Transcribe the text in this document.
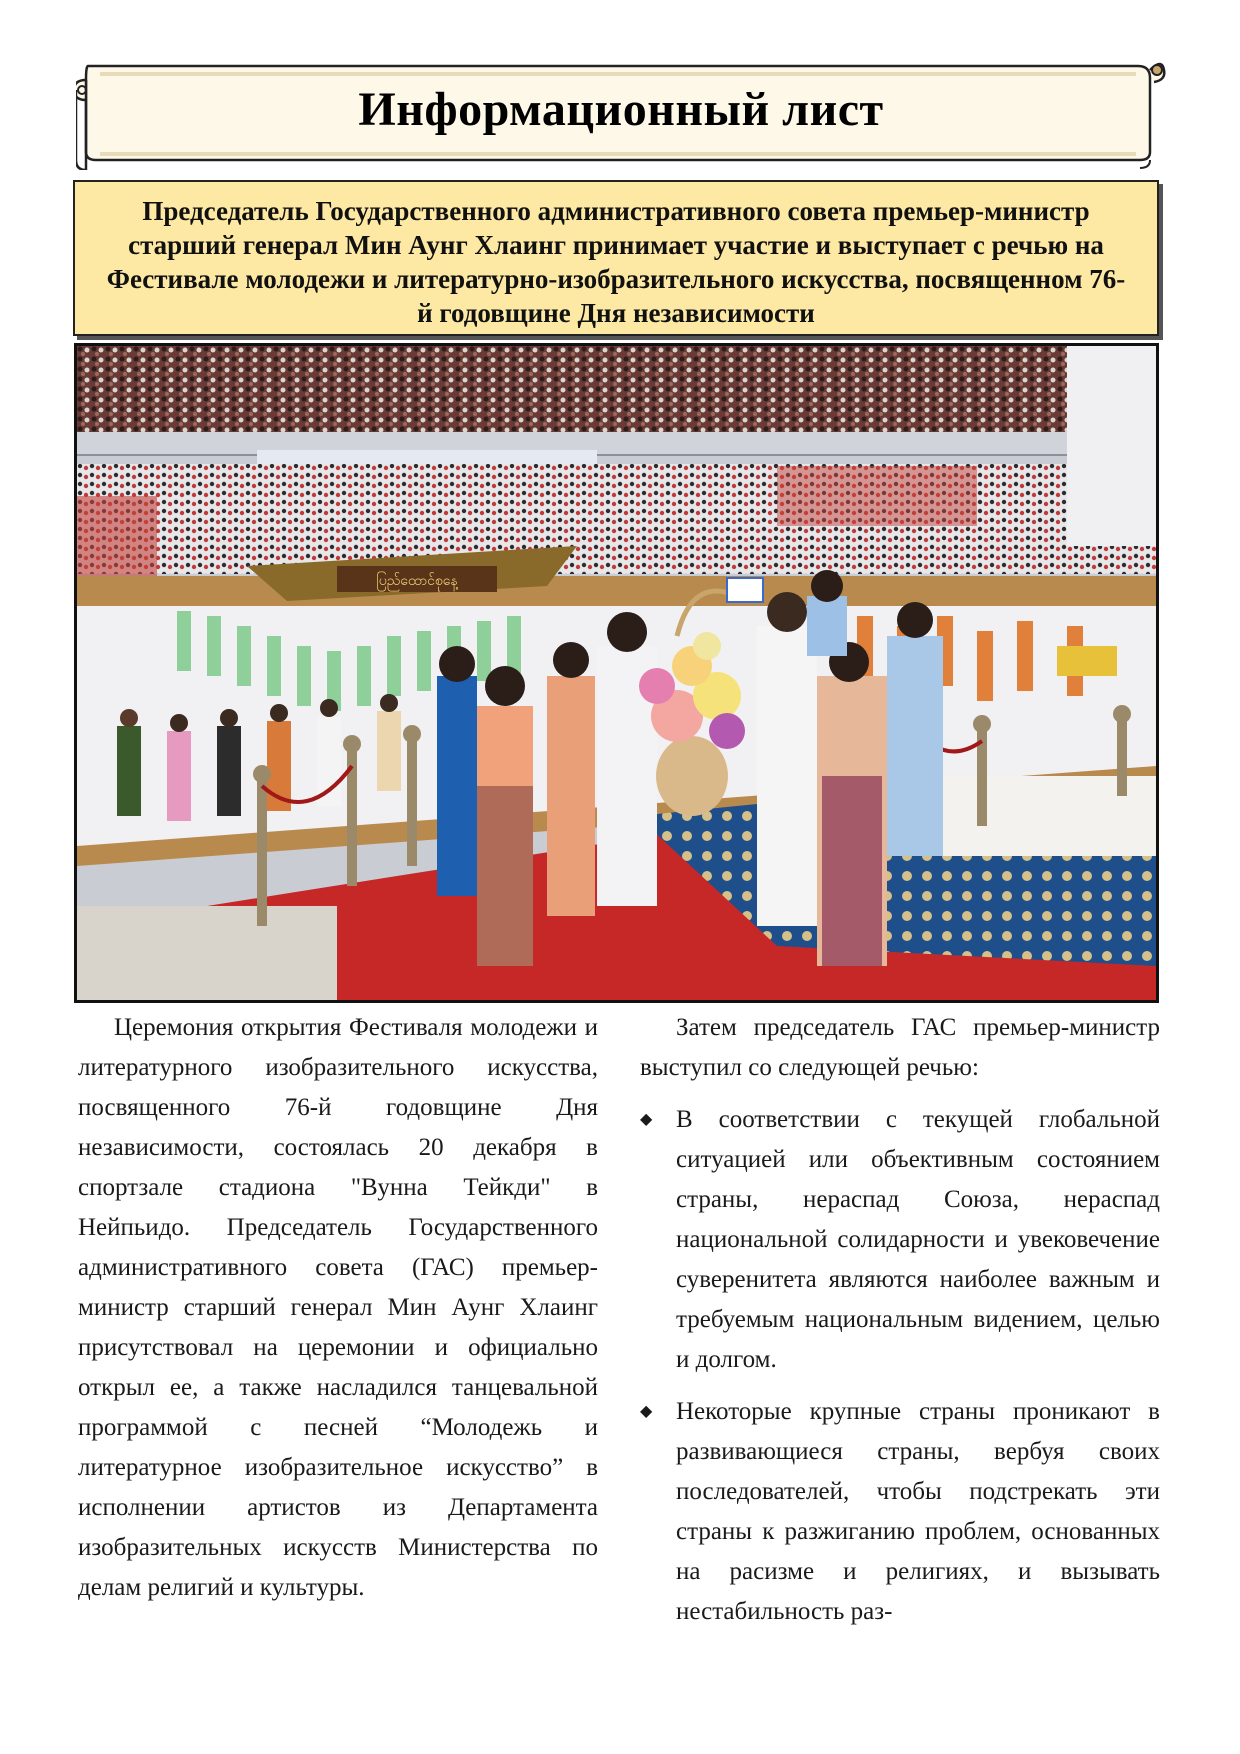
Информационный лист
Председатель Государственного административного совета премьер-министр старший генерал Мин Аунг Хлаинг принимает участие и выступает с речью на Фестивале молодежи и литературно-изобразительного искусства, посвященном 76-й годовщине Дня независимости
ပြည်ထောင်စုနေ့

Церемония открытия Фестиваля молодежи и литературного изобразительного искусства, посвященного 76-й годовщине Дня независимости, состоялась 20 декабря в спортзале стадиона "Вунна Тейкди" в Нейпьидо. Председатель Государственного административного совета (ГАС) премьер-министр старший генерал Мин Аунг Хлаинг присутствовал на церемонии и официально открыл ее, а также насладился танцевальной программой с песней “Молодежь и литературное изобразительное искусство” в исполнении артистов из Департамента изобразительных искусств Министерства по делам религий и культуры.

Затем председатель ГАС премьер-министр выступил со следующей речью:

◆ В соответствии с текущей глобальной ситуацией или объективным состоянием страны, нераспад Союза, нераспад национальной солидарности и увековечение суверенитета являются наиболее важным и требуемым национальным видением, целью и долгом.

◆ Некоторые крупные страны проникают в развивающиеся страны, вербуя своих последователей, чтобы подстрекать эти страны к разжиганию проблем, основанных на расизме и религиях, и вызывать нестабильность раз-
